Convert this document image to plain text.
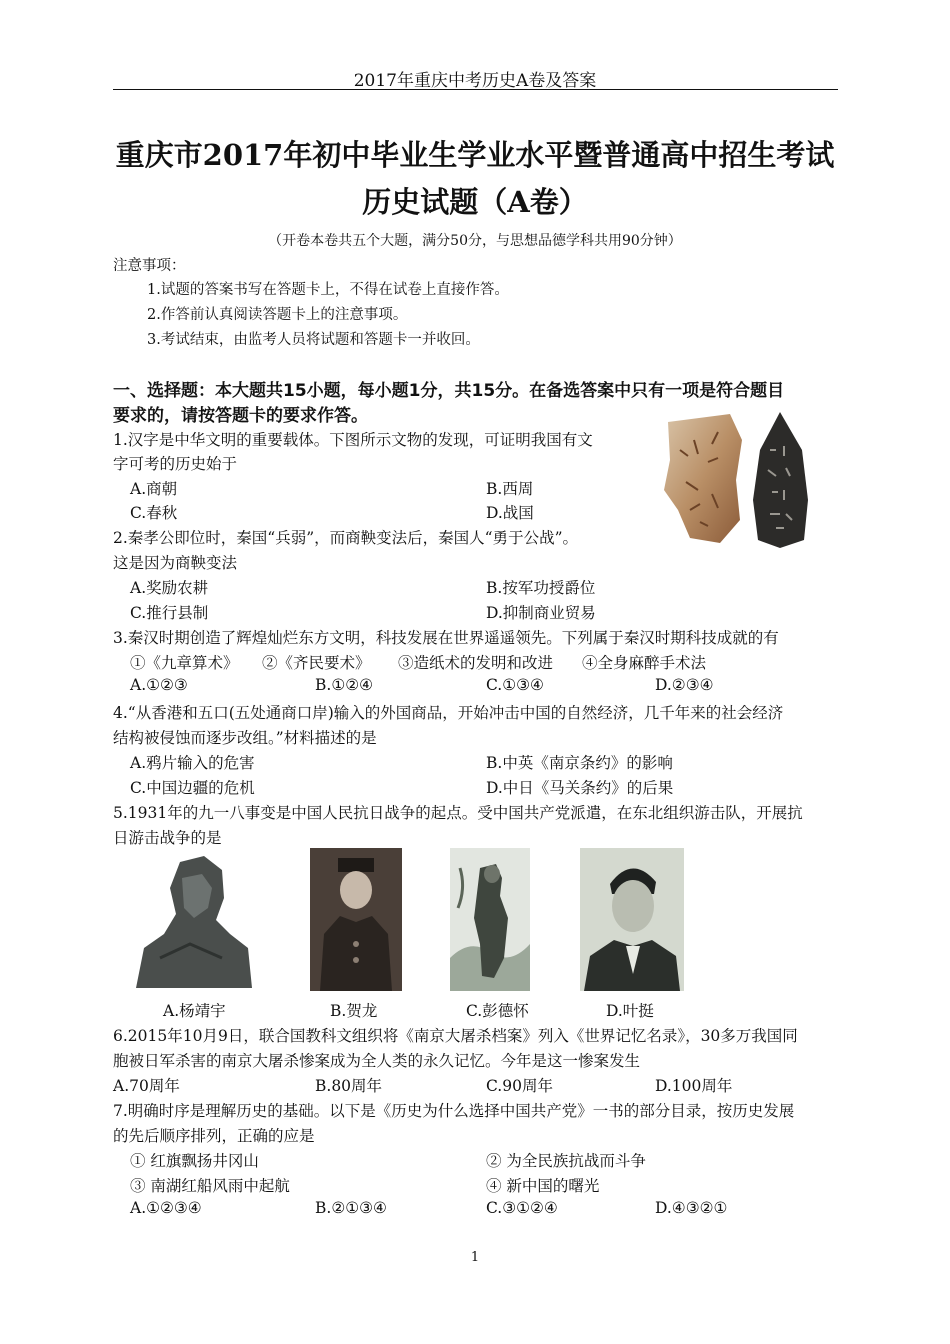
2017年重庆中考历史A卷及答案
重庆市2017年初中毕业生学业水平暨普通高中招生考试
历史试题（A卷）
（开卷本卷共五个大题，满分50分，与思想品德学科共用90分钟）
注意事项：
1.试题的答案书写在答题卡上，不得在试卷上直接作答。
2.作答前认真阅读答题卡上的注意事项。
3.考试结束，由监考人员将试题和答题卡一并收回。
一、选择题：本大题共15小题，每小题1分，共15分。在备选答案中只有一项是符合题目
要求的，请按答题卡的要求作答。
1.汉字是中华文明的重要载体。下图所示文物的发现，可证明我国有文
字可考的历史始于
A.商朝	B.西周
C.春秋	D.战国
2.秦孝公即位时，秦国“兵弱”，而商鞅变法后，秦国人“勇于公战”。
这是因为商鞅变法
A.奖励农耕	B.按军功授爵位
C.推行县制	D.抑制商业贸易
3.秦汉时期创造了辉煌灿烂东方文明，科技发展在世界遥遥领先。下列属于秦汉时期科技成就的有
①《九章算术》 ②《齐民要术》 ③造纸术的发明和改进 ④全身麻醉手术法
A.①②③	B.①②④	C.①③④	D.②③④
4.“从香港和五口(五处通商口岸)输入的外国商品，开始冲击中国的自然经济，几千年来的社会经济
结构被侵蚀而逐步改组。”材料描述的是
A.鸦片输入的危害	B.中英《南京条约》的影响
C.中国边疆的危机	D.中日《马关条约》的后果
5.1931年的九一八事变是中国人民抗日战争的起点。受中国共产党派遣，在东北组织游击队，开展抗
日游击战争的是
A.杨靖宇	B.贺龙	C.彭德怀	D.叶挺
6.2015年10月9日，联合国教科文组织将《南京大屠杀档案》列入《世界记忆名录》，30多万我国同
胞被日军杀害的南京大屠杀惨案成为全人类的永久记忆。今年是这一惨案发生
A.70周年	B.80周年	C.90周年	D.100周年
7.明确时序是理解历史的基础。以下是《历史为什么选择中国共产党》一书的部分目录，按历史发展
的先后顺序排列，正确的应是
① 红旗飘扬井冈山	② 为全民族抗战而斗争
③ 南湖红船风雨中起航	④ 新中国的曙光
A.①②③④	B.②①③④	C.③①②④	D.④③②①
1
